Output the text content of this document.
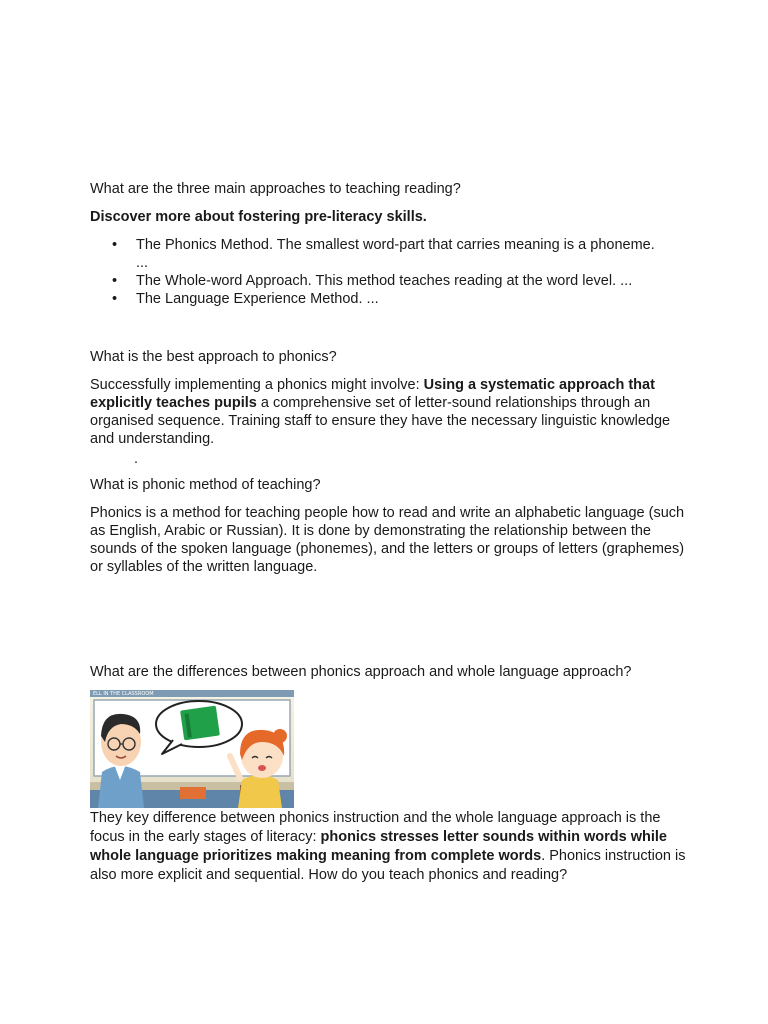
What are the three main approaches to teaching reading?

Discover more about fostering pre-literacy skills.

• The Phonics Method. The smallest word-part that carries meaning is a phoneme.
...
• The Whole-word Approach. This method teaches reading at the word level. ...
• The Language Experience Method. ...

What is the best approach to phonics?

Successfully implementing a phonics might involve: Using a systematic approach that explicitly teaches pupils a comprehensive set of letter-sound relationships through an organised sequence. Training staff to ensure they have the necessary linguistic knowledge and understanding.

.

What is phonic method of teaching?

Phonics is a method for teaching people how to read and write an alphabetic language (such as English, Arabic or Russian). It is done by demonstrating the relationship between the sounds of the spoken language (phonemes), and the letters or groups of letters (graphemes) or syllables of the written language.

What are the differences between phonics approach and whole language approach?

ELL IN THE CLASSROOM

They key difference between phonics instruction and the whole language approach is the focus in the early stages of literacy: phonics stresses letter sounds within words while whole language prioritizes making meaning from complete words. Phonics instruction is also more explicit and sequential. How do you teach phonics and reading?
